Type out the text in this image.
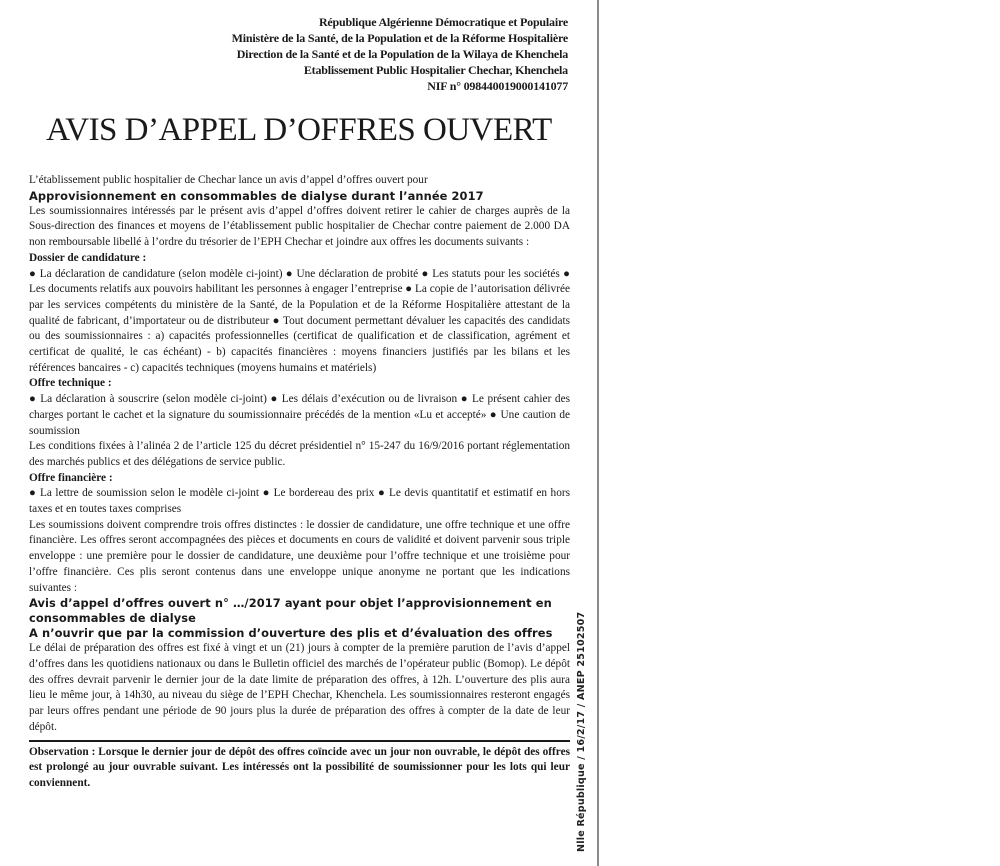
République Algérienne Démocratique et Populaire
Ministère de la Santé, de la Population et de la Réforme Hospitalière
Direction de la Santé et de la Population de la Wilaya de Khenchela
Etablissement Public Hospitalier Chechar, Khenchela
NIF n° 098440019000141077
AVIS D’APPEL D’OFFRES OUVERT

L’établissement public hospitalier de Chechar lance un avis d’appel d’offres ouvert pour

Approvisionnement en consommables de dialyse durant l’année 2017

Les soumissionnaires intéressés par le présent avis d’appel d’offres doivent retirer le cahier de charges auprès de la Sous-direction des finances et moyens de l’établissement public hospitalier de Chechar contre paiement de 2.000 DA non remboursable libellé à l’ordre du trésorier de l’EPH Chechar et joindre aux offres les documents suivants :

Dossier de candidature :

● La déclaration de candidature (selon modèle ci-joint) ● Une déclaration de probité ● Les statuts pour les sociétés ● Les documents relatifs aux pouvoirs habilitant les personnes à engager l’entreprise ● La copie de l’autorisation délivrée par les services compétents du ministère de la Santé, de la Population et de la Réforme Hospitalière attestant de la qualité de fabricant, d’importateur ou de distributeur ● Tout document permettant dévaluer les capacités des candidats ou des soumissionnaires : a) capacités professionnelles (certificat de qualification et de classification, agrément et certificat de qualité, le cas échéant) - b) capacités financières : moyens financiers justifiés par les bilans et les références bancaires - c) capacités techniques (moyens humains et matériels)

Offre technique :

● La déclaration à souscrire (selon modèle ci-joint) ● Les délais d’exécution ou de livraison ● Le présent cahier des charges portant le cachet et la signature du soumissionnaire précédés de la mention «Lu et accepté» ● Une caution de soumission

Les conditions fixées à l’alinéa 2 de l’article 125 du décret présidentiel n° 15-247 du 16/9/2016 portant réglementation des marchés publics et des délégations de service public.

Offre financière :

● La lettre de soumission selon le modèle ci-joint ● Le bordereau des prix ● Le devis quantitatif et estimatif en hors taxes et en toutes taxes comprises

Les soumissions doivent comprendre trois offres distinctes : le dossier de candidature, une offre technique et une offre financière. Les offres seront accompagnées des pièces et documents en cours de validité et doivent parvenir sous triple enveloppe : une première pour le dossier de candidature, une deuxième pour l’offre technique et une troisième pour l’offre financière. Ces plis seront contenus dans une enveloppe unique anonyme ne portant que les indications suivantes :

Avis d’appel d’offres ouvert n° …/2017 ayant pour objet l’approvisionnement en consommables de dialyse

A n’ouvrir que par la commission d’ouverture des plis et d’évaluation des offres

Le délai de préparation des offres est fixé à vingt et un (21) jours à compter de la première parution de l’avis d’appel d’offres dans les quotidiens nationaux ou dans le Bulletin officiel des marchés de l’opérateur public (Bomop). Le dépôt des offres devrait parvenir le dernier jour de la date limite de préparation des offres, à 12h. L’ouverture des plis aura lieu le même jour, à 14h30, au niveau du siège de l’EPH Chechar, Khenchela. Les soumissionnaires resteront engagés par leurs offres pendant une période de 90 jours plus la durée de préparation des offres à compter de la date de leur dépôt.

Observation : Lorsque le dernier jour de dépôt des offres coïncide avec un jour non ouvrable, le dépôt des offres est prolongé au jour ouvrable suivant. Les intéressés ont la possibilité de soumissionner pour les lots qui leur conviennent.	Nlle République / 16/2/17 / ANEP 25102507
